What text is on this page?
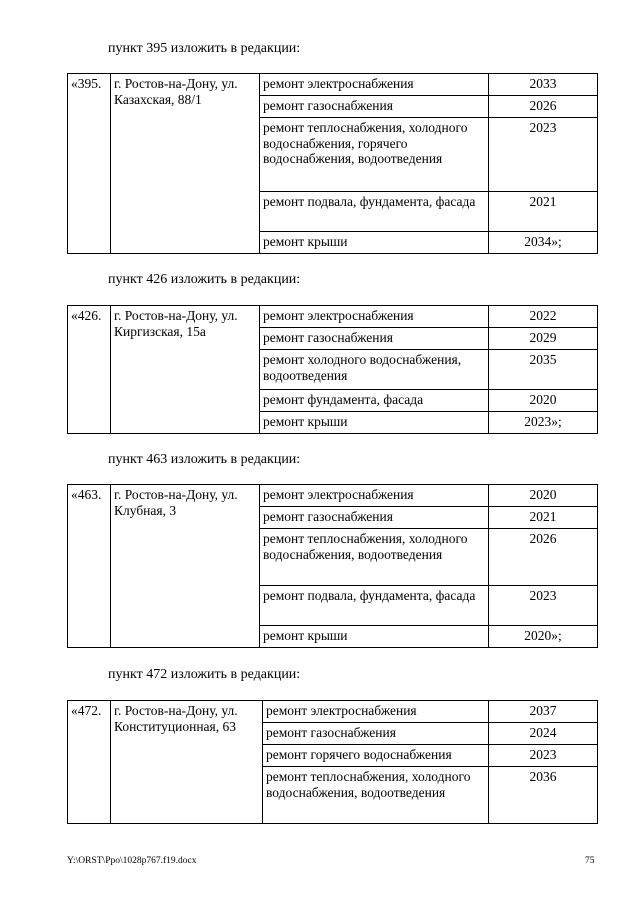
пункт 395 изложить в редакции:
«395.	г. Ростов-на-Дону, ул. Казахская, 88/1	ремонт электроснабжения	2033
		ремонт газоснабжения	2026
		ремонт теплоснабжения, холодного водоснабжения, горячего водоснабжения, водоотведения	2023
		ремонт подвала, фундамента, фасада	2021
		ремонт крыши	2034»;
пункт 426 изложить в редакции:
«426.	г. Ростов-на-Дону, ул. Киргизская, 15а	ремонт электроснабжения	2022
		ремонт газоснабжения	2029
		ремонт холодного водоснабжения, водоотведения	2035
		ремонт фундамента, фасада	2020
		ремонт крыши	2023»;
пункт 463 изложить в редакции:
«463.	г. Ростов-на-Дону, ул. Клубная, 3	ремонт электроснабжения	2020
		ремонт газоснабжения	2021
		ремонт теплоснабжения, холодного водоснабжения, водоотведения	2026
		ремонт подвала, фундамента, фасада	2023
		ремонт крыши	2020»;
пункт 472 изложить в редакции:
«472.	г. Ростов-на-Дону, ул. Конституционная, 63	ремонт электроснабжения	2037
		ремонт газоснабжения	2024
		ремонт горячего водоснабжения	2023
		ремонт теплоснабжения, холодного водоснабжения, водоотведения	2036
Y:\ORST\Ppo\1028p767.f19.docx	75
